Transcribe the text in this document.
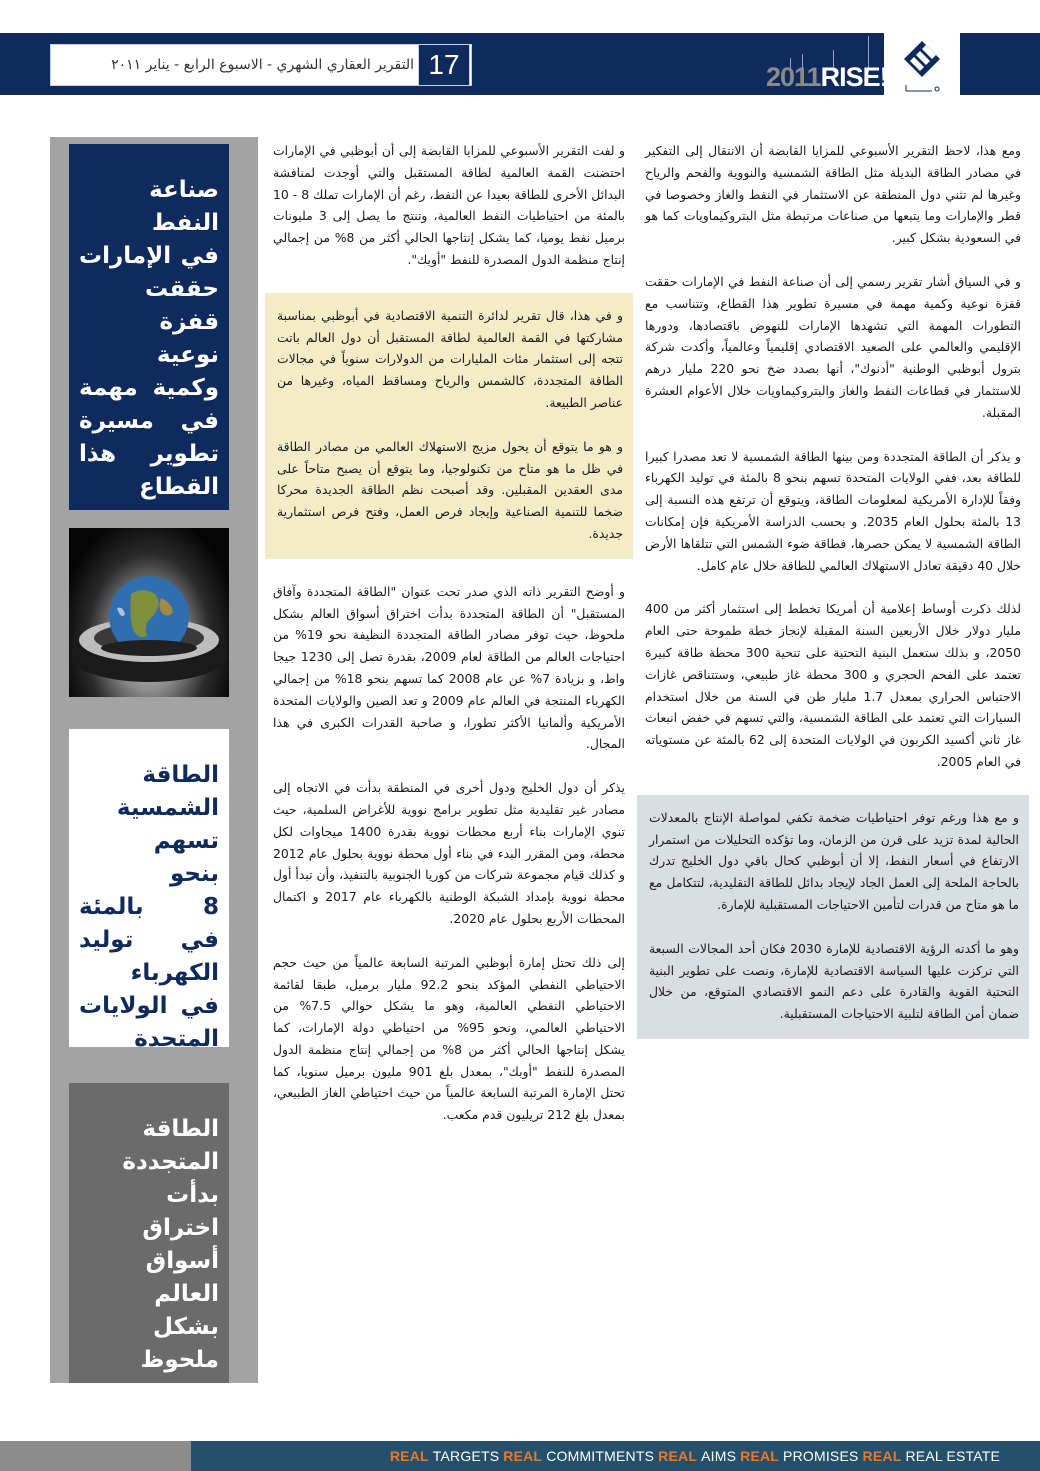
التقرير العقاري الشهري - الاسبوع الرابع - يناير ٢٠١١ 17	2011RISE!
صناعة
النفط
في الإمارات
حققت
قفزة
نوعية
وكمية مهمة
في مسيرة
تطوير هذا
القطاع
الطاقة
الشمسية
تسهم
بنحو
8 بالمئة
في توليد
الكهرباء
في الولايات
المتحدة
الطاقة
المتجددة
بدأت
اختراق
أسواق
العالم
بشكل
ملحوظ

و لفت التقرير الأسبوعي للمزايا القابضة إلى أن أبوظبي في الإمارات احتضنت القمة العالمية لطاقة المستقبل والتي أوجدت لمنافشة البدائل الأخرى للطاقة بعيدا عن النفط، رغم أن الإمارات تملك 8 - 10 بالمئة من احتياطيات النفط العالمية، وتنتج ما يصل إلى 3 مليونات برميل نفط يوميا، كما يشكل إنتاجها الحالي أكثر من 8% من إجمالي إنتاج منظمة الدول المصدرة للنفط "أوبك".

و في هذا، قال تقرير لدائرة التنمية الاقتصادية في أبوظبي بمناسبة مشاركتها في القمة العالمية لطاقة المستقبل أن دول العالم باتت تتجه إلى استثمار مئات المليارات من الدولارات سنوياً في مجالات الطاقة المتجددة، كالشمس والرياح ومساقط المياه، وغيرها من عناصر الطبيعة.

و هو ما يتوقع أن يحول مزيج الاستهلاك العالمي من مصادر الطاقة في ظل ما هو متاح من تكنولوجيا، وما يتوقع أن يصبح متاحاً على مدى العقدين المقبلين. وقد أصبحت نظم الطاقة الجديدة محركا ضخما للتنمية الصناعية وإيجاد فرص العمل، وفتح فرص استثمارية جديدة.

و أوضح التقرير ذاته الذي صدر تحت عنوان "الطاقة المتجددة وآفاق المستقبل" أن الطاقة المتجددة بدأت اختراق أسواق العالم بشكل ملحوظ، حيث توفر مصادر الطاقة المتجددة النظيفة نحو 19% من احتياجات العالم من الطاقة لعام 2009، بقدرة تصل إلى 1230 جيجا واط، و بزيادة 7% عن عام 2008 كما تسهم بنحو 18% من إجمالي الكهرباء المنتجة في العالم عام 2009 و تعد الصين والولايات المتحدة الأمريكية وألمانيا الأكثر تطورا، و صاحبة القدرات الكبرى في هذا المجال.

يذكر أن دول الخليج ودول أخرى في المنطقة بدأت في الاتجاه إلى مصادر غير تقليدية مثل تطوير برامج نووية للأغراض السلمية، حيث تنوي الإمارات بناء أربع محطات نووية بقدرة 1400 ميجاوات لكل محطة، ومن المقرر البدء في بناء أول محطة نووية بحلول عام 2012 و كذلك قيام مجموعة شركات من كوريا الجنوبية بالتنفيذ، وأن تبدأ أول محطة نووية بإمداد الشبكة الوطنية بالكهرباء عام 2017 و اكتمال المحطات الأربع بحلول عام 2020.

إلى ذلك تحتل إمارة أبوظبي المرتبة السابعة عالمياً من حيث حجم الاحتياطي النفطي المؤكد بنحو 92.2 مليار برميل، طبقا لقائمة الاحتياطي النفطي العالمية، وهو ما يشكل حوالي 7.5% من الاحتياطي العالمي، ونحو 95% من احتياطي دولة الإمارات، كما يشكل إنتاجها الحالي أكثر من 8% من إجمالي إنتاج منظمة الدول المصدرة للنفط "أوبك"، بمعدل بلغ 901 مليون برميل سنويا، كما تحتل الإمارة المرتبة السابعة عالمياً من حيث احتياطي الغاز الطبيعي، بمعدل بلغ 212 تريليون قدم مكعب.

ومع هذا، لاحظ التقرير الأسبوعي للمزايا القابضة أن الانتقال إلى التفكير في مصادر الطاقة البديلة مثل الطاقة الشمسية والنووية والفحم والرياح وغيرها لم تثني دول المنطقة عن الاستثمار في النفط والغاز وخصوصا في قطر والإمارات وما يتبعها من صناعات مرتبطة مثل البتروكيماويات كما هو في السعودية بشكل كبير.

و في السياق أشار تقرير رسمي إلى أن صناعة النفط في الإمارات حققت قفزة نوعية وكمية مهمة في مسيرة تطوير هذا القطاع، وتتناسب مع التطورات المهمة التي تشهدها الإمارات للنهوض باقتصادها، ودورها الإقليمي والعالمي على الصعيد الاقتصادي إقليمياً وعالمياً، وأكدت شركة بترول أبوظبي الوطنية "أدنوك"، أنها بصدد ضخ نحو 220 مليار درهم للاستثمار في قطاعات النفط والغاز والبتروكيماويات خلال الأعوام العشرة المقبلة.

و يذكر أن الطاقة المتجددة ومن بينها الطاقة الشمسية لا تعد مصدرا كبيرا للطاقة بعد، ففي الولايات المتحدة تسهم بنحو 8 بالمئة في توليد الكهرباء وفقاً للإدارة الأمريكية لمعلومات الطاقة، ويتوقع أن ترتفع هذه النسبة إلى 13 بالمئة بحلول العام 2035. و بحسب الدراسة الأمريكية فإن إمكانات الطاقة الشمسية لا يمكن حصرها، فطاقة ضوء الشمس التي تتلقاها الأرض خلال 40 دقيقة تعادل الاستهلاك العالمي للطاقة خلال عام كامل.

لذلك ذكرت أوساط إعلامية أن أمريكا تخطط إلى استثمار أكثر من 400 مليار دولار خلال الأربعين السنة المقبلة لإنجاز خطة طموحة حتى العام 2050، و بذلك ستعمل البنية التحتية على تنحية 300 محطة طاقة كبيرة تعتمد على الفحم الحجري و 300 محطة غاز طبيعي، وستتناقص غازات الاحتباس الحراري بمعدل 1.7 مليار طن في السنة من خلال استخدام السيارات التي تعتمد على الطاقة الشمسية، والتي تسهم في خفض انبعاث غاز ثاني أكسيد الكربون في الولايات المتحدة إلى 62 بالمئة عن مستوياته في العام 2005.

و مع هذا ورغم توفر احتياطيات ضخمة تكفي لمواصلة الإنتاج بالمعدلات الحالية لمدة تزيد على قرن من الزمان، وما تؤكده التحليلات من استمرار الارتفاع في أسعار النفط، إلا أن أبوظبي كحال باقي دول الخليج تدرك بالحاجة الملحة إلى العمل الجاد لإيجاد بدائل للطاقة التقليدية، لتتكامل مع ما هو متاح من قدرات لتأمين الاحتياجات المستقبلية للإمارة.

وهو ما أكدته الرؤية الاقتصادية للإمارة 2030 فكان أحد المجالات السبعة التي تركزت عليها السياسة الاقتصادية للإمارة، ونصت على تطوير البنية التحتية القوية والقادرة على دعم النمو الاقتصادي المتوقع، من خلال ضمان أمن الطاقة لتلبية الاحتياجات المستقبلية.

REAL TARGETS REAL COMMITMENTS REAL AIMS REAL PROMISES REAL REAL ESTATE
